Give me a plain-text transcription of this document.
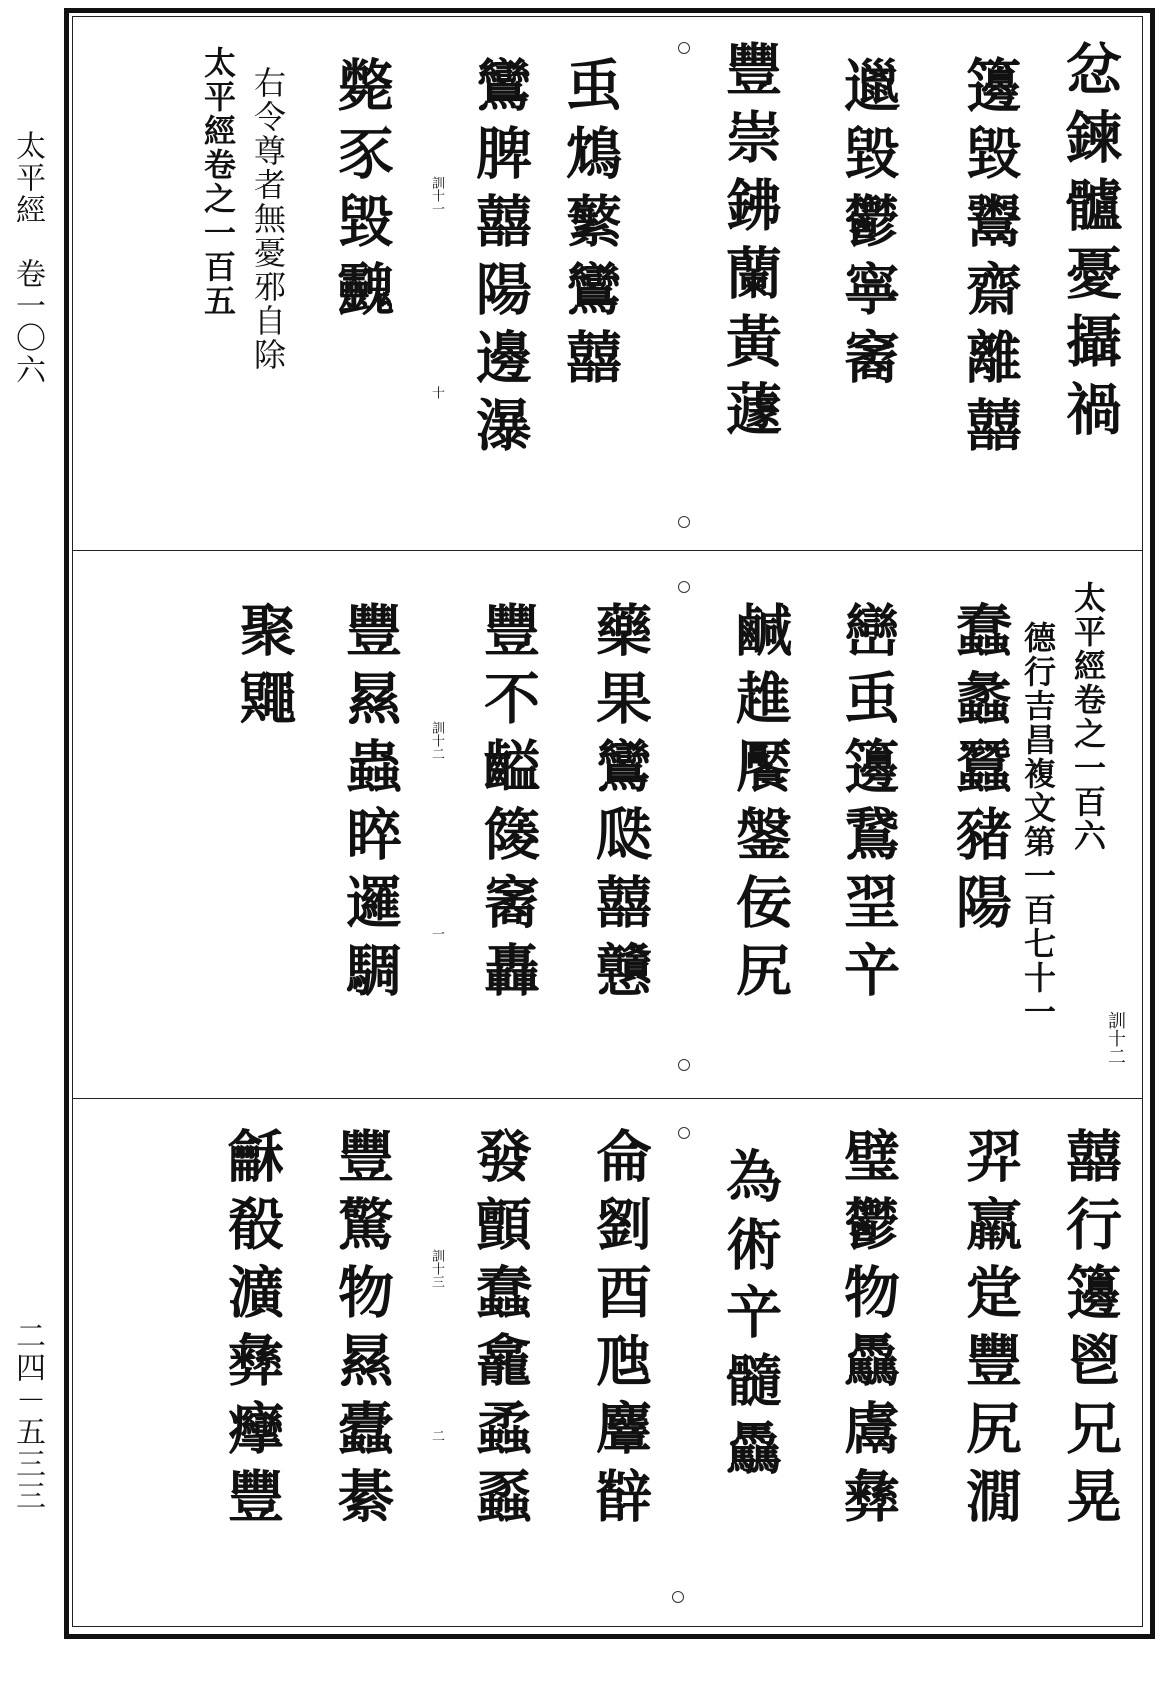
太平經　卷一〇六
二四－五三三
忿鍊髗憂攝禍
籩毀鬻齋離囍
邋毀鬱寧䆷
豐崇鉘蘭黃蘧
䖝鴆蘩鸞囍
鸞脾囍陽邊瀑
斃豕毀䰱	訓十一
十
太平經卷之一百五 右令尊者無憂邪自除
太平經卷之一百六
德行吉昌複文第一百七十一
訓十二
蠢蠡蠶豬陽
巒䖝籩鵞䍿䇂
鹹趡饜鎜佞尻
藥果鸞瓞囍戇
豐不齸䉄䆷轟
豐㬎蟲睟邏騆
聚鼆
訓十二
一
囍行籩鬯兄晃
羿羸䟫豐尻㵎
璧鬱物驫鬳彝
為術䇂髓驫
侖劉酉虺麞辥
發顫蠢龕蟊蟸
豐驚物㬎蠹綦
龢殽瀇彝癴豐	訓十三
二
